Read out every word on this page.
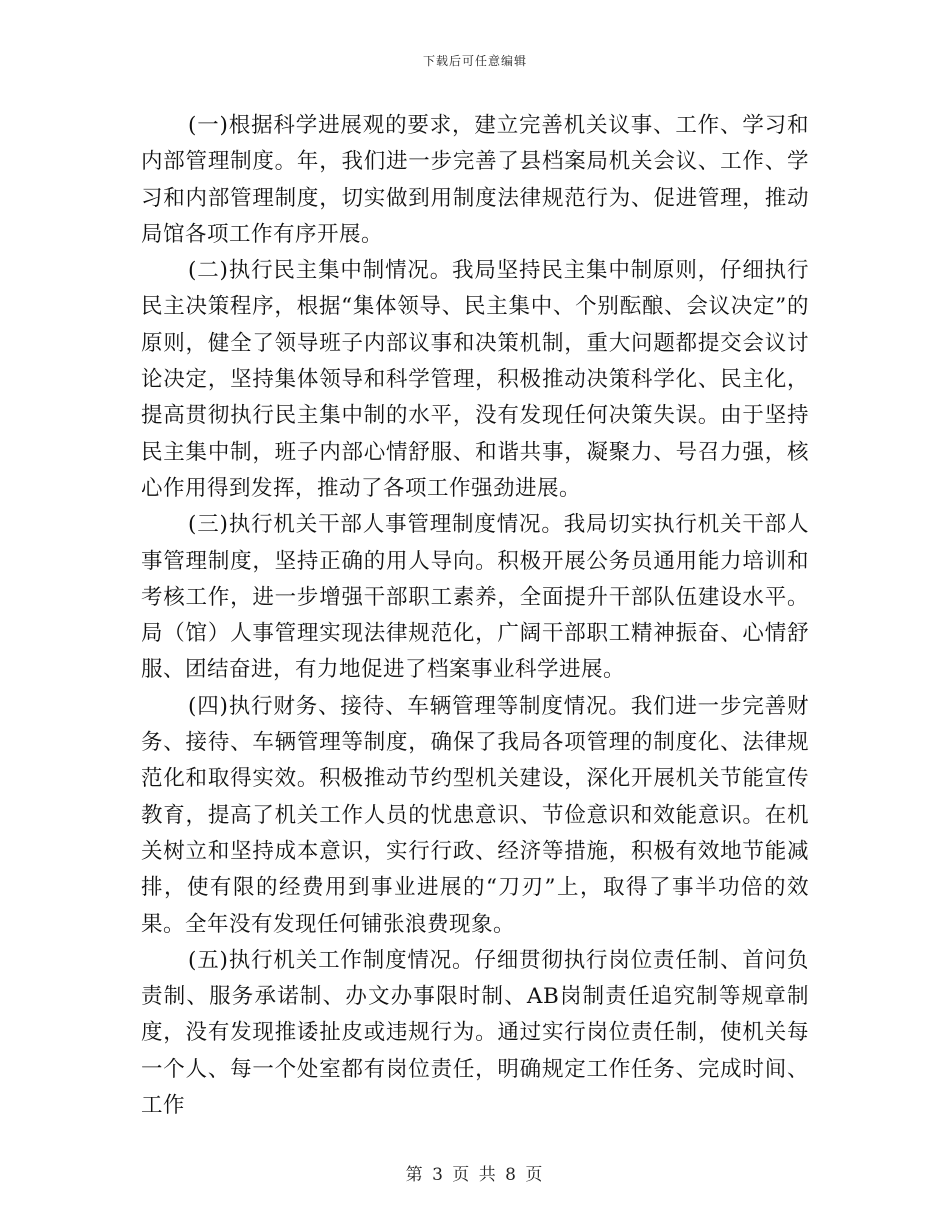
下载后可任意编辑

(一)根据科学进展观的要求，建立完善机关议事、工作、学习和内部管理制度。年，我们进一步完善了县档案局机关会议、工作、学习和内部管理制度，切实做到用制度法律规范行为、促进管理，推动局馆各项工作有序开展。

(二)执行民主集中制情况。我局坚持民主集中制原则，仔细执行民主决策程序，根据“集体领导、民主集中、个别酝酿、会议决定”的原则，健全了领导班子内部议事和决策机制，重大问题都提交会议讨论决定，坚持集体领导和科学管理，积极推动决策科学化、民主化，提高贯彻执行民主集中制的水平，没有发现任何决策失误。由于坚持民主集中制，班子内部心情舒服、和谐共事，凝聚力、号召力强，核心作用得到发挥，推动了各项工作强劲进展。

(三)执行机关干部人事管理制度情况。我局切实执行机关干部人事管理制度，坚持正确的用人导向。积极开展公务员通用能力培训和考核工作，进一步增强干部职工素养，全面提升干部队伍建设水平。局（馆）人事管理实现法律规范化，广阔干部职工精神振奋、心情舒服、团结奋进，有力地促进了档案事业科学进展。

(四)执行财务、接待、车辆管理等制度情况。我们进一步完善财务、接待、车辆管理等制度，确保了我局各项管理的制度化、法律规范化和取得实效。积极推动节约型机关建设，深化开展机关节能宣传教育，提高了机关工作人员的忧患意识、节俭意识和效能意识。在机关树立和坚持成本意识，实行行政、经济等措施，积极有效地节能减排，使有限的经费用到事业进展的“刀刃”上，取得了事半功倍的效果。全年没有发现任何铺张浪费现象。

(五)执行机关工作制度情况。仔细贯彻执行岗位责任制、首问负责制、服务承诺制、办文办事限时制、AB岗制责任追究制等规章制度，没有发现推诿扯皮或违规行为。通过实行岗位责任制，使机关每一个人、每一个处室都有岗位责任，明确规定工作任务、完成时间、工作

第 3 页 共 8 页
